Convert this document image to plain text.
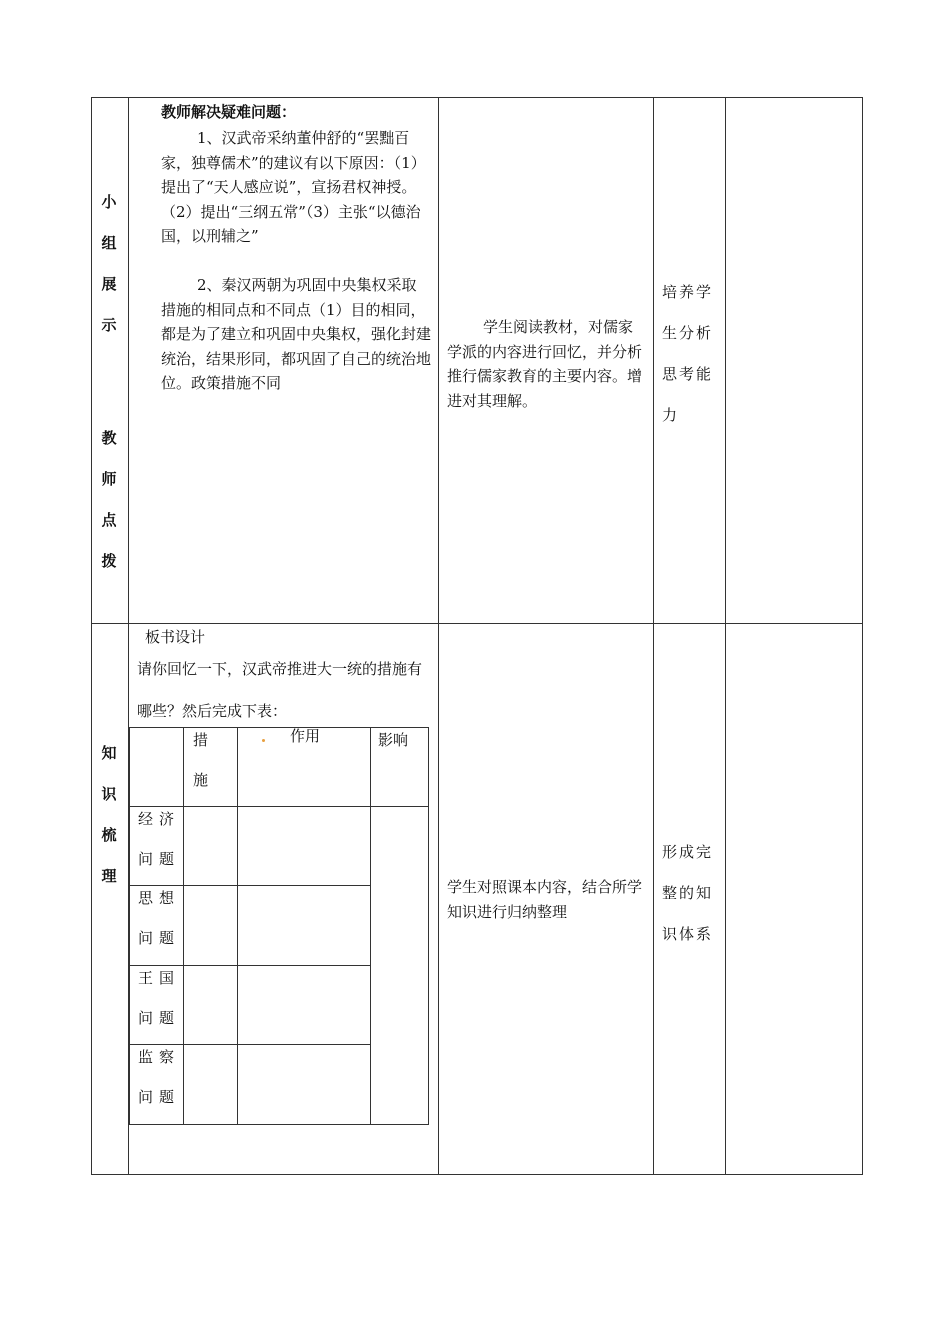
小
组
展
示
教
师
点
拨
教师解决疑难问题：
1、汉武帝采纳董仲舒的“罢黜百家，独尊儒术”的建议有以下原因：（1）提出了“天人感应说”，宣扬君权神授。（2）提出“三纲五常”（3）主张“以德治国，以刑辅之”
2、秦汉两朝为巩固中央集权采取措施的相同点和不同点（1）目的相同，都是为了建立和巩固中央集权，强化封建统治，结果形同，都巩固了自己的统治地位。政策措施不同
学生阅读教材，对儒家学派的内容进行回忆，并分析推行儒家教育的主要内容。增进对其理解。
培养学生分析思考能力
知
识
梳
理
板书设计
请你回忆一下，汉武帝推进大一统的措施有哪些？然后完成下表：
措施
作用	影响
经济问题
思想问题
王国问题
监察问题
学生对照课本内容，结合所学知识进行归纳整理
形成完整的知识体系
